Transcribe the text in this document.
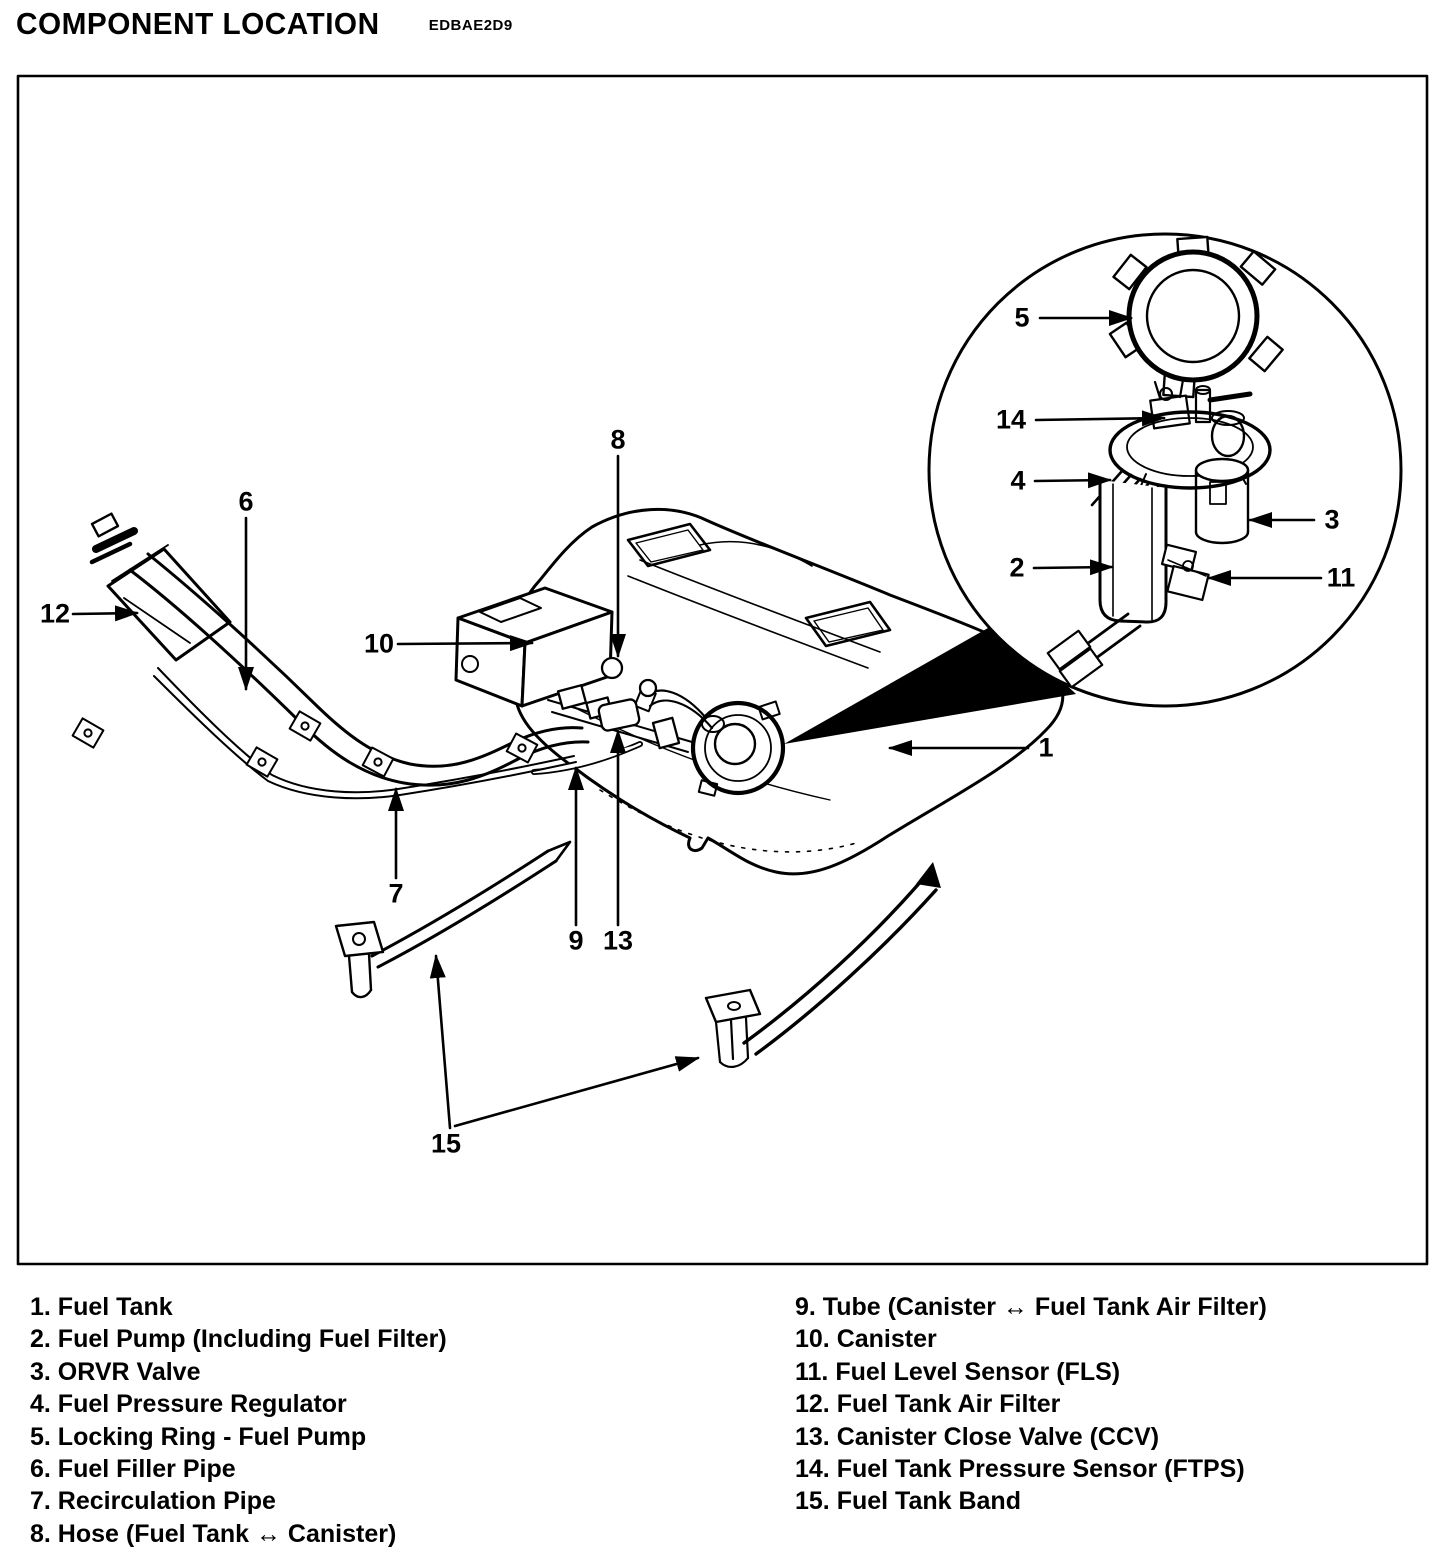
COMPONENT LOCATION	EDBAE2D9
1
2
3
4
5
6
7
8
9
10
11
12
13
14
15
1. Fuel Tank
2. Fuel Pump (Including Fuel Filter)
3. ORVR Valve
4. Fuel Pressure Regulator
5. Locking Ring - Fuel Pump
6. Fuel Filler Pipe
7. Recirculation Pipe
8. Hose (Fuel Tank ↔ Canister)
9. Tube (Canister ↔ Fuel Tank Air Filter)
10. Canister
11. Fuel Level Sensor (FLS)
12. Fuel Tank Air Filter
13. Canister Close Valve (CCV)
14. Fuel Tank Pressure Sensor (FTPS)
15. Fuel Tank Band
